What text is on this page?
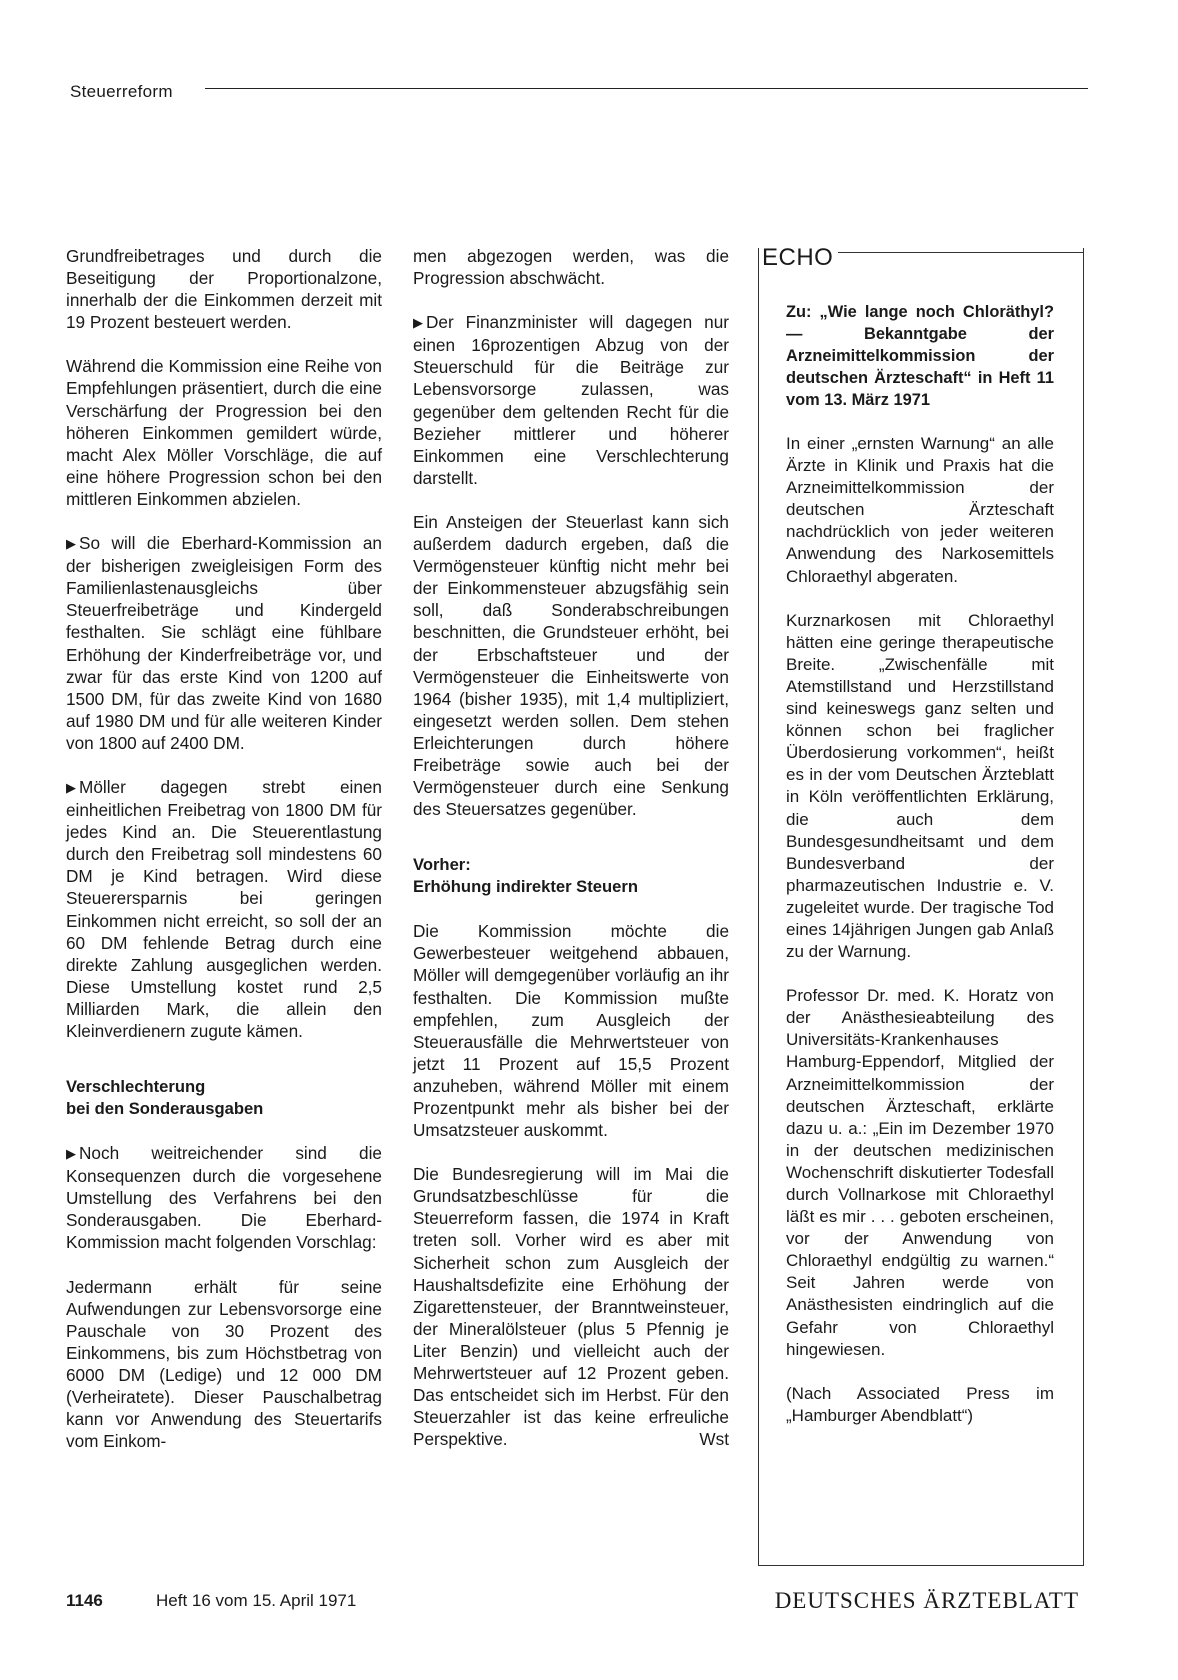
Steuerreform

Grundfreibetrages und durch die Beseitigung der Proportionalzone, innerhalb der die Einkommen derzeit mit 19 Prozent besteuert werden.

Während die Kommission eine Reihe von Empfehlungen präsentiert, durch die eine Verschärfung der Progression bei den höheren Einkommen gemildert würde, macht Alex Möller Vorschläge, die auf eine höhere Progression schon bei den mittleren Einkommen abzielen.

▶ So will die Eberhard-Kommission an der bisherigen zweigleisigen Form des Familienlastenausgleichs über Steuerfreibeträge und Kindergeld festhalten. Sie schlägt eine fühlbare Erhöhung der Kinderfreibeträge vor, und zwar für das erste Kind von 1200 auf 1500 DM, für das zweite Kind von 1680 auf 1980 DM und für alle weiteren Kinder von 1800 auf 2400 DM.

▶ Möller dagegen strebt einen einheitlichen Freibetrag von 1800 DM für jedes Kind an. Die Steuerentlastung durch den Freibetrag soll mindestens 60 DM je Kind betragen. Wird diese Steuerersparnis bei geringen Einkommen nicht erreicht, so soll der an 60 DM fehlende Betrag durch eine direkte Zahlung ausgeglichen werden. Diese Umstellung kostet rund 2,5 Milliarden Mark, die allein den Kleinverdienern zugute kämen.

Verschlechterung
bei den Sonderausgaben

▶ Noch weitreichender sind die Konsequenzen durch die vorgesehene Umstellung des Verfahrens bei den Sonderausgaben. Die Eberhard-Kommission macht folgenden Vorschlag:

Jedermann erhält für seine Aufwendungen zur Lebensvorsorge eine Pauschale von 30 Prozent des Einkommens, bis zum Höchstbetrag von 6000 DM (Ledige) und 12 000 DM (Verheiratete). Dieser Pauschalbetrag kann vor Anwendung des Steuertarifs vom Einkom-

men abgezogen werden, was die Progression abschwächt.

▶ Der Finanzminister will dagegen nur einen 16prozentigen Abzug von der Steuerschuld für die Beiträge zur Lebensvorsorge zulassen, was gegenüber dem geltenden Recht für die Bezieher mittlerer und höherer Einkommen eine Verschlechterung darstellt.

Ein Ansteigen der Steuerlast kann sich außerdem dadurch ergeben, daß die Vermögensteuer künftig nicht mehr bei der Einkommensteuer abzugsfähig sein soll, daß Sonderabschreibungen beschnitten, die Grundsteuer erhöht, bei der Erbschaftsteuer und der Vermögensteuer die Einheitswerte von 1964 (bisher 1935), mit 1,4 multipliziert, eingesetzt werden sollen. Dem stehen Erleichterungen durch höhere Freibeträge sowie auch bei der Vermögensteuer durch eine Senkung des Steuersatzes gegenüber.

Vorher:
Erhöhung indirekter Steuern

Die Kommission möchte die Gewerbesteuer weitgehend abbauen, Möller will demgegenüber vorläufig an ihr festhalten. Die Kommission mußte empfehlen, zum Ausgleich der Steuerausfälle die Mehrwertsteuer von jetzt 11 Prozent auf 15,5 Prozent anzuheben, während Möller mit einem Prozentpunkt mehr als bisher bei der Umsatzsteuer auskommt.

Die Bundesregierung will im Mai die Grundsatzbeschlüsse für die Steuerreform fassen, die 1974 in Kraft treten soll. Vorher wird es aber mit Sicherheit schon zum Ausgleich der Haushaltsdefizite eine Erhöhung der Zigarettensteuer, der Branntweinsteuer, der Mineralölsteuer (plus 5 Pfennig je Liter Benzin) und vielleicht auch der Mehrwertsteuer auf 12 Prozent geben. Das entscheidet sich im Herbst. Für den Steuerzahler ist das keine erfreuliche Perspektive.	Wst

ECHO
Zu: „Wie lange noch Chloräthyl? — Bekanntgabe der Arzneimittelkommission der deutschen Ärzteschaft“ in Heft 11 vom 13. März 1971

In einer „ernsten Warnung“ an alle Ärzte in Klinik und Praxis hat die Arzneimittelkommission der deutschen Ärzteschaft nachdrücklich von jeder weiteren Anwendung des Narkosemittels Chloraethyl abgeraten.

Kurznarkosen mit Chloraethyl hätten eine geringe therapeutische Breite. „Zwischenfälle mit Atemstillstand und Herzstillstand sind keineswegs ganz selten und können schon bei fraglicher Überdosierung vorkommen“, heißt es in der vom Deutschen Ärzteblatt in Köln veröffentlichten Erklärung, die auch dem Bundesgesundheitsamt und dem Bundesverband der pharmazeutischen Industrie e. V. zugeleitet wurde. Der tragische Tod eines 14jährigen Jungen gab Anlaß zu der Warnung.

Professor Dr. med. K. Horatz von der Anästhesieabteilung des Universitäts-Krankenhauses Hamburg-Eppendorf, Mitglied der Arzneimittelkommission der deutschen Ärzteschaft, erklärte dazu u. a.: „Ein im Dezember 1970 in der deutschen medizinischen Wochenschrift diskutierter Todesfall durch Vollnarkose mit Chloraethyl läßt es mir . . . geboten erscheinen, vor der Anwendung von Chloraethyl endgültig zu warnen.“ Seit Jahren werde von Anästhesisten eindringlich auf die Gefahr von Chloraethyl hingewiesen.

(Nach Associated Press im „Hamburger Abendblatt“)

1146	Heft 16 vom 15. April 1971	DEUTSCHES ÄRZTEBLATT
